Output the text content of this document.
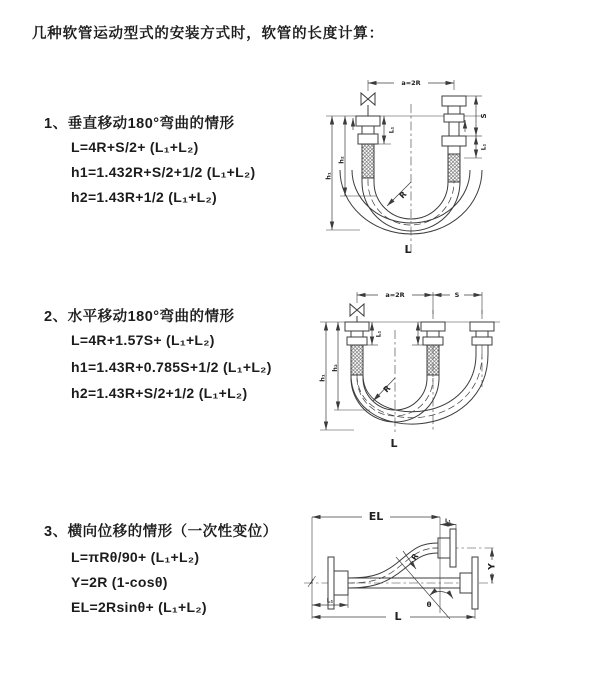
几种软管运动型式的安装方式时，软管的长度计算：
1、垂直移动180°弯曲的情形
L=4R+S/2+ (L₁+L₂)
h1=1.432R+S/2+1/2 (L₁+L₂)
h2=1.43R+1/2 (L₁+L₂)
2、水平移动180°弯曲的情形
L=4R+1.57S+ (L₁+L₂)
h1=1.43R+0.785S+1/2 (L₁+L₂)
h2=1.43R+S/2+1/2 (L₁+L₂)
3、横向位移的情形（一次性变位）
L=πRθ/90+ (L₁+L₂)
Y=2R (1-cosθ)
EL=2Rsinθ+ (L₁+L₂)
a=2R
L₁
h₁
h₂
S
L₁
R
L
a=2R	S
L₁
h₁
h₂
R
L
EL	L₁
Y
θ
R
L
L₁
